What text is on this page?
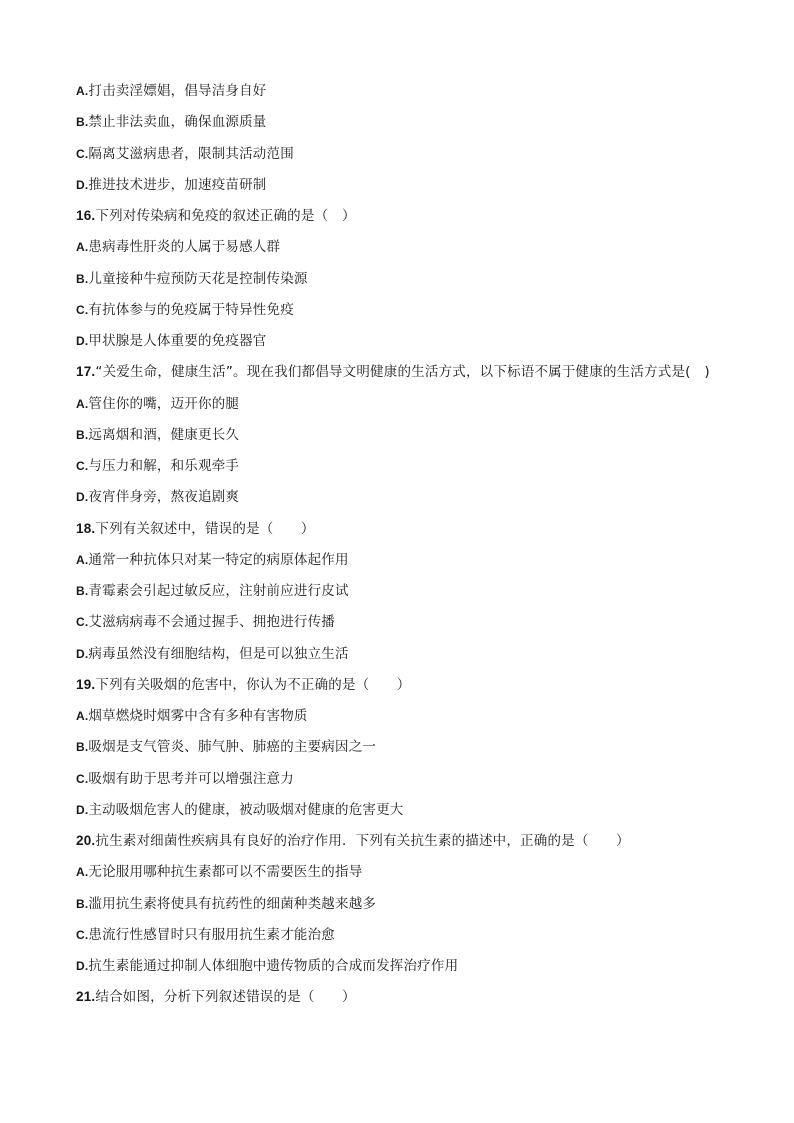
A.打击卖淫嫖娼，倡导洁身自好
B.禁止非法卖血，确保血源质量
C.隔离艾滋病患者，限制其活动范围
D.推进技术进步，加速疫苗研制
16.下列对传染病和免疫的叙述正确的是（　）
A.患病毒性肝炎的人属于易感人群
B.儿童接种牛痘预防天花是控制传染源
C.有抗体参与的免疫属于特异性免疫
D.甲状腺是人体重要的免疫器官
17.“关爱生命，健康生活”。现在我们都倡导文明健康的生活方式，以下标语不属于健康的生活方式是(　)
A.管住你的嘴，迈开你的腿
B.远离烟和酒，健康更长久
C.与压力和解，和乐观牵手
D.夜宵伴身旁，熬夜追剧爽
18.下列有关叙述中，错误的是（　　）
A.通常一种抗体只对某一特定的病原体起作用
B.青霉素会引起过敏反应，注射前应进行皮试
C.艾滋病病毒不会通过握手、拥抱进行传播
D.病毒虽然没有细胞结构，但是可以独立生活
19.下列有关吸烟的危害中，你认为不正确的是（　　）
A.烟草燃烧时烟雾中含有多种有害物质
B.吸烟是支气管炎、肺气肿、肺癌的主要病因之一
C.吸烟有助于思考并可以增强注意力
D.主动吸烟危害人的健康，被动吸烟对健康的危害更大
20.抗生素对细菌性疾病具有良好的治疗作用．下列有关抗生素的描述中，正确的是（　　）
A.无论服用哪种抗生素都可以不需要医生的指导
B.滥用抗生素将使具有抗药性的细菌种类越来越多
C.患流行性感冒时只有服用抗生素才能治愈
D.抗生素能通过抑制人体细胞中遗传物质的合成而发挥治疗作用
21.结合如图，分析下列叙述错误的是（　　）
